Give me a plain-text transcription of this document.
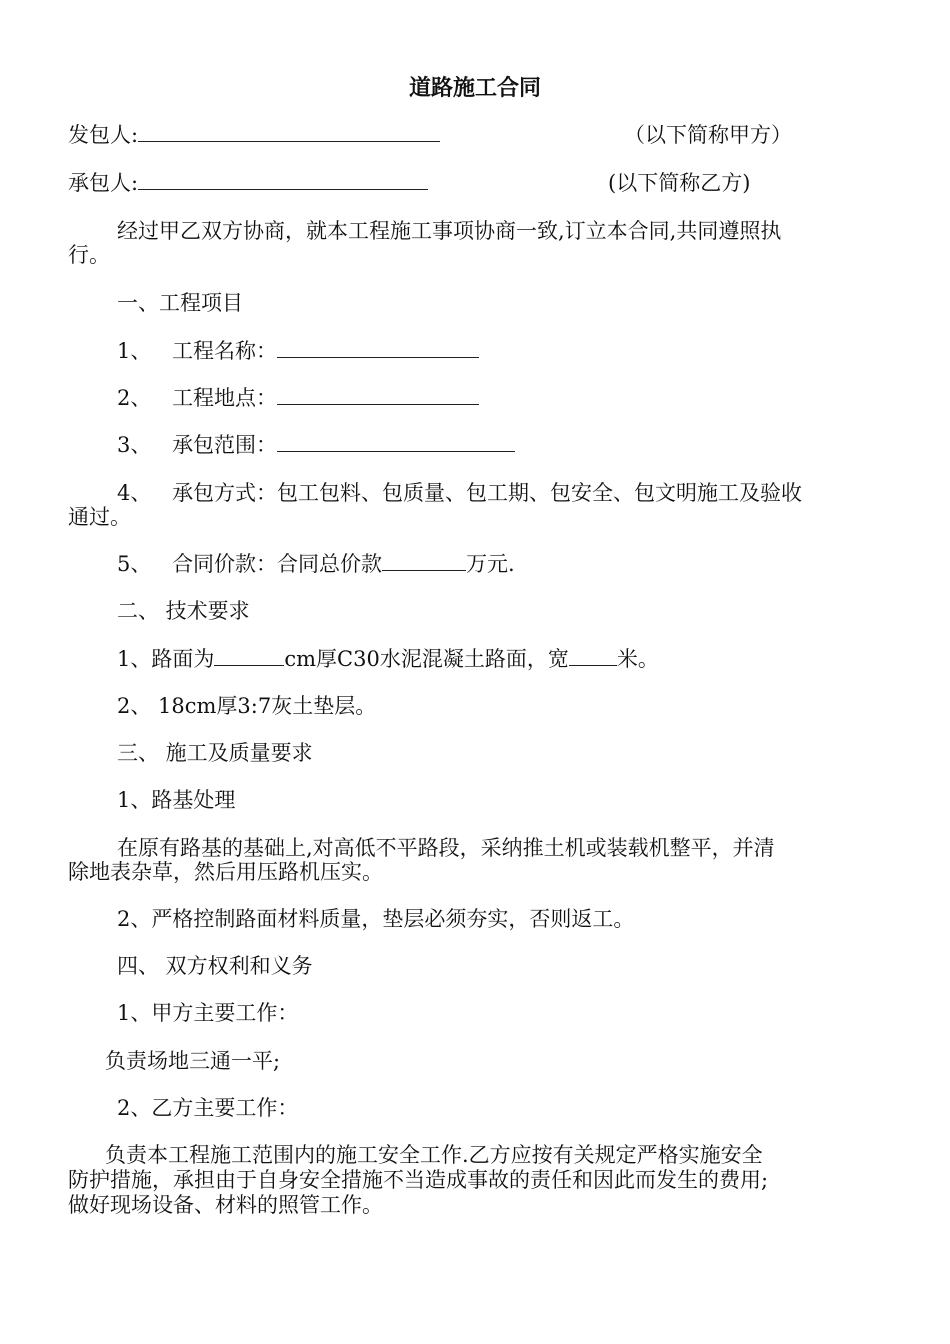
道路施工合同
发包人:	（以下简称甲方）
承包人:	(以下简称乙方)
经过甲乙双方协商，就本工程施工事项协商一致,订立本合同,共同遵照执
行。
一、工程项目
1、 工程名称：
2、 工程地点：
3、 承包范围：
4、 承包方式：包工包料、包质量、包工期、包安全、包文明施工及验收
通过。
5、 合同价款：合同总价款	万元.
二、 技术要求
1、路面为	cm厚C30水泥混凝土路面，宽 米。
2、 18cm厚3:7灰土垫层。
三、 施工及质量要求
1、路基处理
在原有路基的基础上,对高低不平路段，采纳推土机或装载机整平，并清
除地表杂草，然后用压路机压实。
2、严格控制路面材料质量，垫层必须夯实，否则返工。
四、 双方权利和义务
1、甲方主要工作：
负责场地三通一平;
2、乙方主要工作：
负责本工程施工范围内的施工安全工作.乙方应按有关规定严格实施安全
防护措施，承担由于自身安全措施不当造成事故的责任和因此而发生的费用;
做好现场设备、材料的照管工作。
